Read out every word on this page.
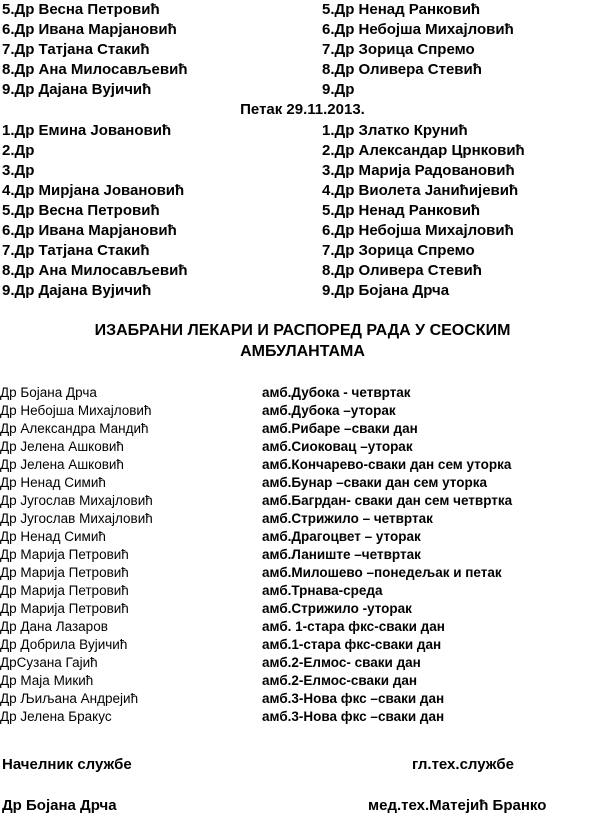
5.Др Весна Петровић	5.Др Ненад Ранковић
6.Др Ивана Марјановић	6.Др Небојша Михајловић
7.Др Татјана Стакић	7.Др Зорица Спремо
8.Др Ана Милосављевић	8.Др Оливера Стевић
9.Др Дајана Вујичић	9.Др
Петак 29.11.2013.
1.Др Емина Јовановић	1.Др Златко Крунић
2.Др	2.Др Александар Црнковић
3.Др	3.Др Марија Радовановић
4.Др Мирјана Јовановић	4.Др Виолета Јанићијевић
5.Др Весна Петровић	5.Др Ненад Ранковић
6.Др Ивана Марјановић	6.Др Небојша Михајловић
7.Др Татјана Стакић	7.Др Зорица Спремо
8.Др Ана Милосављевић	8.Др Оливера Стевић
9.Др Дајана Вујичић	9.Др Бојана Дрча
ИЗАБРАНИ ЛЕКАРИ И РАСПОРЕД РАДА У СЕОСКИМ
АМБУЛАНТАМА
Др Бојана Дрча	амб.Дубока - четвртак
Др Небојша Михајловић	амб.Дубока –уторак
Др Александра Мандић	амб.Рибаре –сваки дан
Др Јелена Ашковић	амб.Сиоковац –уторак
Др Јелена Ашковић	амб.Кончарево-сваки дан сем уторка
Др Ненад Симић	амб.Бунар –сваки дан сем уторка
Др Југослав Михајловић	амб.Багрдан- сваки дан сем четвртка
Др Југослав Михајловић	амб.Стрижило – четвртак
Др Ненад Симић	амб.Драгоцвет – уторак
Др Марија Петровић	амб.Ланиште –четвртак
Др Марија Петровић	амб.Милошево –понедељак и петак
Др Марија Петровић	амб.Трнава-среда
Др Марија Петровић	амб.Стрижило -уторак
Др Дана Лазаров	амб. 1-стара фкс-сваки дан
Др Добрила Вујичић	амб.1-стара фкс-сваки дан
ДрСузана Гајић	амб.2-Елмос- сваки дан
Др Маја Микић	амб.2-Елмос-сваки дан
Др Љиљана Андрејић	амб.3-Нова фкс –сваки дан
Др Јелена Бракус	амб.3-Нова фкс –сваки дан
Начелник службе	гл.тех.службе
Др Бојана Дрча	мед.тех.Матејић Бранко
